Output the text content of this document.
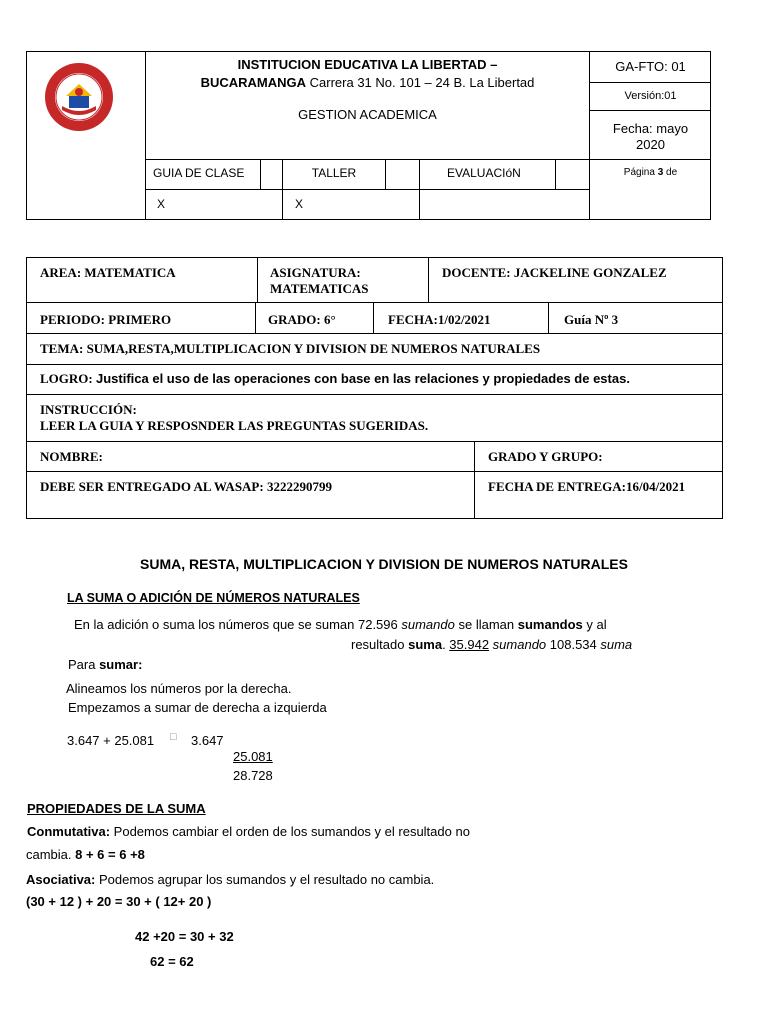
INSTITUCION EDUCATIVA LA LIBERTAD –
BUCARAMANGA Carrera 31 No. 101 – 24 B. La Libertad
GESTION ACADEMICA
GA-FTO: 01
Versión:01
Fecha: mayo
2020
Página 3 de
GUIA DE CLASE	TALLER	EVALUACIóN
X	X
AREA: MATEMATICA	ASIGNATURA:
MATEMATICAS
DOCENTE: JACKELINE GONZALEZ
PERIODO: PRIMERO	GRADO: 6°	FECHA:1/02/2021	Guía Nº 3
TEMA: SUMA,RESTA,MULTIPLICACION Y DIVISION DE NUMEROS NATURALES
LOGRO: Justifica el uso de las operaciones con base en las relaciones y propiedades de estas.
INSTRUCCIÓN:
LEER LA GUIA Y RESPOSNDER LAS PREGUNTAS SUGERIDAS.
NOMBRE:	GRADO Y GRUPO:
DEBE SER ENTREGADO AL WASAP: 3222290799	FECHA DE ENTREGA:16/04/2021
SUMA, RESTA, MULTIPLICACION Y DIVISION DE NUMEROS NATURALES
LA SUMA O ADICIÓN DE NÚMEROS NATURALES
En la adición o suma los números que se suman 72.596 sumando se llaman sumandos y al
resultado suma. 35.942 sumando 108.534 suma
Para sumar:
Alineamos los números por la derecha.
Empezamos a sumar de derecha a izquierda
3.647 + 25.081 □ 3.647
25.081
28.728
PROPIEDADES DE LA SUMA
Conmutativa: Podemos cambiar el orden de los sumandos y el resultado no
cambia. 8 + 6 = 6 +8
Asociativa: Podemos agrupar los sumandos y el resultado no cambia.
(30 + 12 ) + 20 = 30 + ( 12+ 20 )
42 +20 = 30 + 32
62 = 62
